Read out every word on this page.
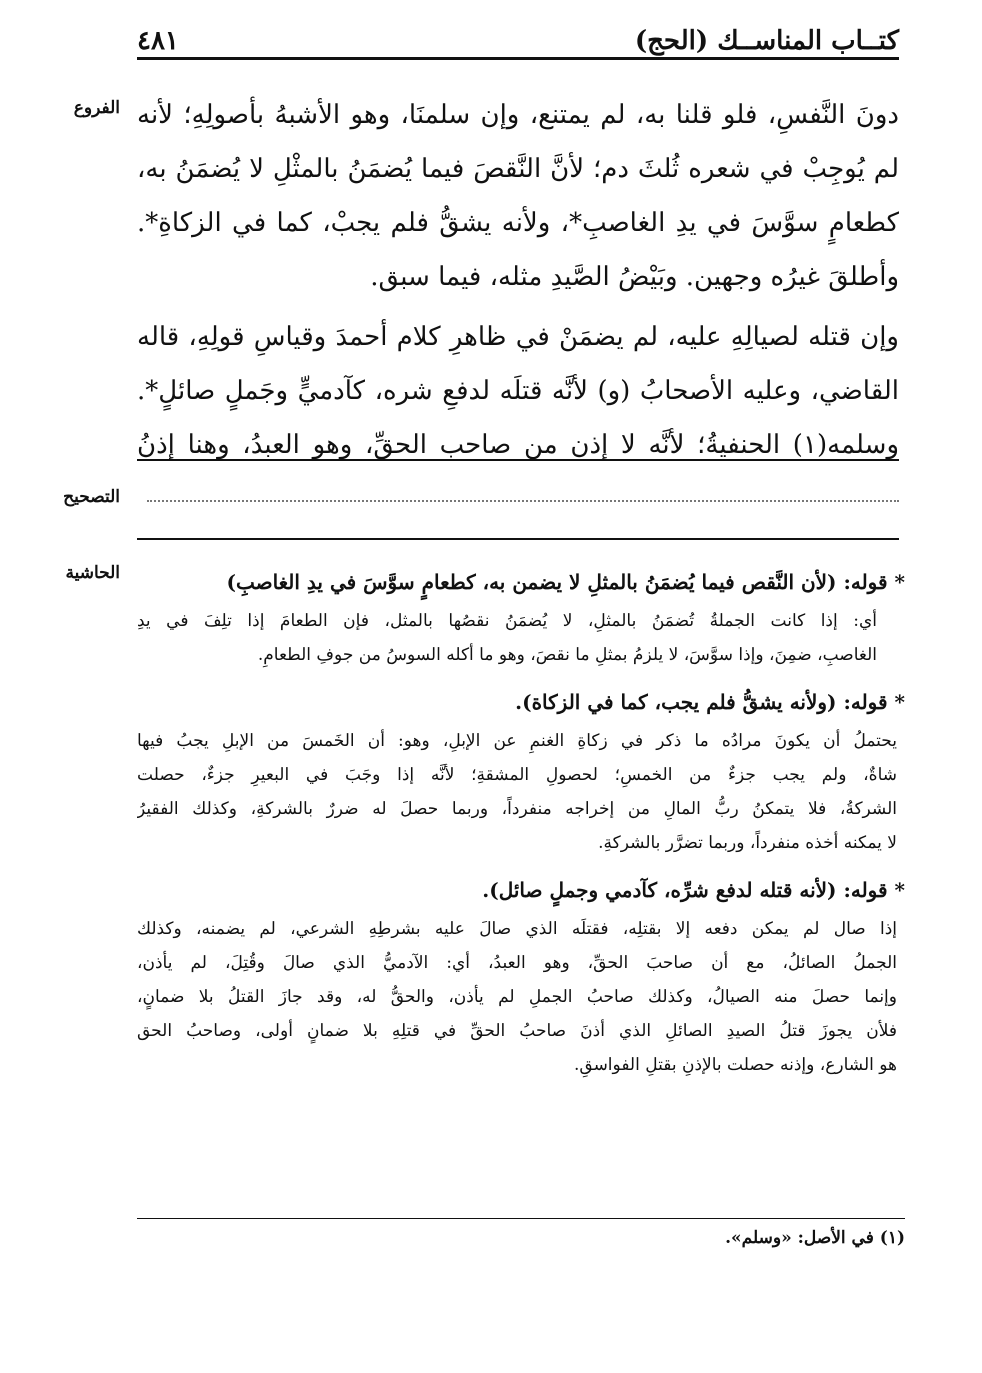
كتــاب المناســك (الحج)
٤٨١
الفروع
التصحيح
الحاشية
دونَ النَّفسِ، فلو قلنا به، لم يمتنع، وإن سلمنَا، وهو الأشبهُ بأصولِهِ؛ لأنه
لم يُوجِبْ في شعره ثُلثَ دم؛ لأنَّ النَّقصَ فيما يُضمَنُ بالمثْلِ لا يُضمَنُ به،
كطعامٍ سوَّسَ في يدِ الغاصبِ*، ولأنه يشقُّ فلم يجبْ، كما في الزكاةِ*.
وأطلقَ غيرُه وجهين. وبَيْضُ الصَّيدِ مثله، فيما سبق.
وإن قتله لصيالِهِ عليه، لم يضمَنْ في ظاهرِ كلام أحمدَ وقياسِ قولِهِ، قاله
القاضي، وعليه الأصحابُ (و) لأنَّه قتلَه لدفعِ شره، كآدميٍّ وجَملٍ صائلٍ*.
وسلمه(١) الحنفيةُ؛ لأنَّه لا إذن من صاحب الحقِّ، وهو العبدُ، وهنا إذنُ
* قوله: (لأن النَّقص فيما يُضمَنُ بالمثلِ لا يضمن به، كطعامٍ سوَّسَ في يدِ الغاصبِ)
أي: إذا كانت الجملةُ تُضمَنُ بالمثلِ، لا يُضمَنُ نقصُها بالمثل، فإن الطعامَ إذا تلِفَ في يدِ
الغاصبِ، ضمِنَ، وإذا سوَّسَ، لا يلزمُ بمثلِ ما نقصَ، وهو ما أكله السوسُ من جوفِ الطعامِ.
* قوله: (ولأنه يشقُّ فلم يجب، كما في الزكاة).
يحتملُ أن يكونَ مرادُه ما ذكر في زكاةِ الغنمِ عن الإبلِ، وهو: أن الخَمسَ من الإبلِ يجبُ فيها
شاةٌ، ولم يجب جزءٌ من الخمسِ؛ لحصولِ المشقةِ؛ لأنَّه إذا وجَبَ في البعيرِ جزءٌ، حصلت
الشركةُ، فلا يتمكنُ ربُّ المالِ من إخراجه منفرداً، وربما حصلَ له ضررٌ بالشركةِ، وكذلك الفقيرُ
لا يمكنه أخذه منفرداً، وربما تضرَّر بالشركةِ.
* قوله: (لأنه قتله لدفع شرِّه، كآدمي وجملٍ صائل).
إذا صال لم يمكن دفعه إلا بقتلِه، فقتلَه الذي صالَ عليه بشرطِهِ الشرعي، لم يضمنه، وكذلك
الجملُ الصائلُ، مع أن صاحبَ الحقِّ، وهو العبدُ، أي: الآدميُّ الذي صالَ وقُتِلَ، لم يأذن،
وإنما حصلَ منه الصيالُ، وكذلك صاحبُ الجملِ لم يأذن، والحقُّ له، وقد جازَ القتلُ بلا ضمانٍ،
فلأن يجوزَ قتلُ الصيدِ الصائلِ الذي أذنَ صاحبُ الحقِّ في قتلِهِ بلا ضمانٍ أولى، وصاحبُ الحق
هو الشارع، وإذنه حصلت بالإذنِ بقتلِ الفواسقِ.
(١) في الأصل: «وسلم».
